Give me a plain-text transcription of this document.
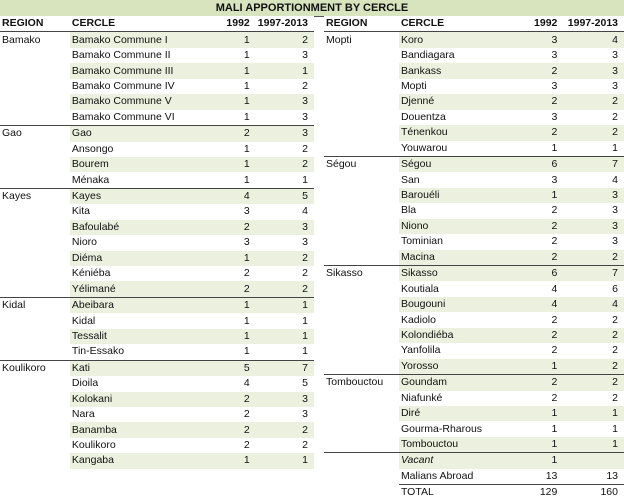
MALI APPORTIONMENT BY CERCLE
REGION	CERCLE	1992	1997-2013
Bamako	Bamako Commune I	1	2
	Bamako Commune II	1	3
	Bamako Commune III	1	1
	Bamako Commune IV	1	2
	Bamako Commune V	1	3
	Bamako Commune VI	1	3
Gao	Gao	2	3
	Ansongo	1	2
	Bourem	1	2
	Ménaka	1	1
Kayes	Kayes	4	5
	Kita	3	4
	Bafoulabé	2	3
	Nioro	3	3
	Diéma	1	2
	Kéniéba	2	2
	Yélimané	2	2
Kidal	Abeibara	1	1
	Kidal	1	1
	Tessalit	1	1
	Tin-Essako	1	1
Koulikoro	Kati	5	7
	Dioila	4	5
	Kolokani	2	3
	Nara	2	3
	Banamba	2	2
	Koulikoro	2	2
	Kangaba	1	1
REGION	CERCLE	1992	1997-2013
Mopti	Koro	3	4
	Bandiagara	3	3
	Bankass	2	3
	Mopti	3	3
	Djenné	2	2
	Douentza	3	2
	Ténenkou	2	2
	Youwarou	1	1
Ségou	Ségou	6	7
	San	3	4
	Barouéli	1	3
	Bla	2	3
	Niono	2	3
	Tominian	2	3
	Macina	2	2
Sikasso	Sikasso	6	7
	Koutiala	4	6
	Bougouni	4	4
	Kadiolo	2	2
	Kolondiéba	2	2
	Yanfolila	2	2
	Yorosso	1	2
Tombouctou	Goundam	2	2
	Niafunké	2	2
	Diré	1	1
	Gourma-Rharous	1	1
	Tombouctou	1	1
	Vacant	1	
	Malians Abroad	13	13
	TOTAL	129	160
